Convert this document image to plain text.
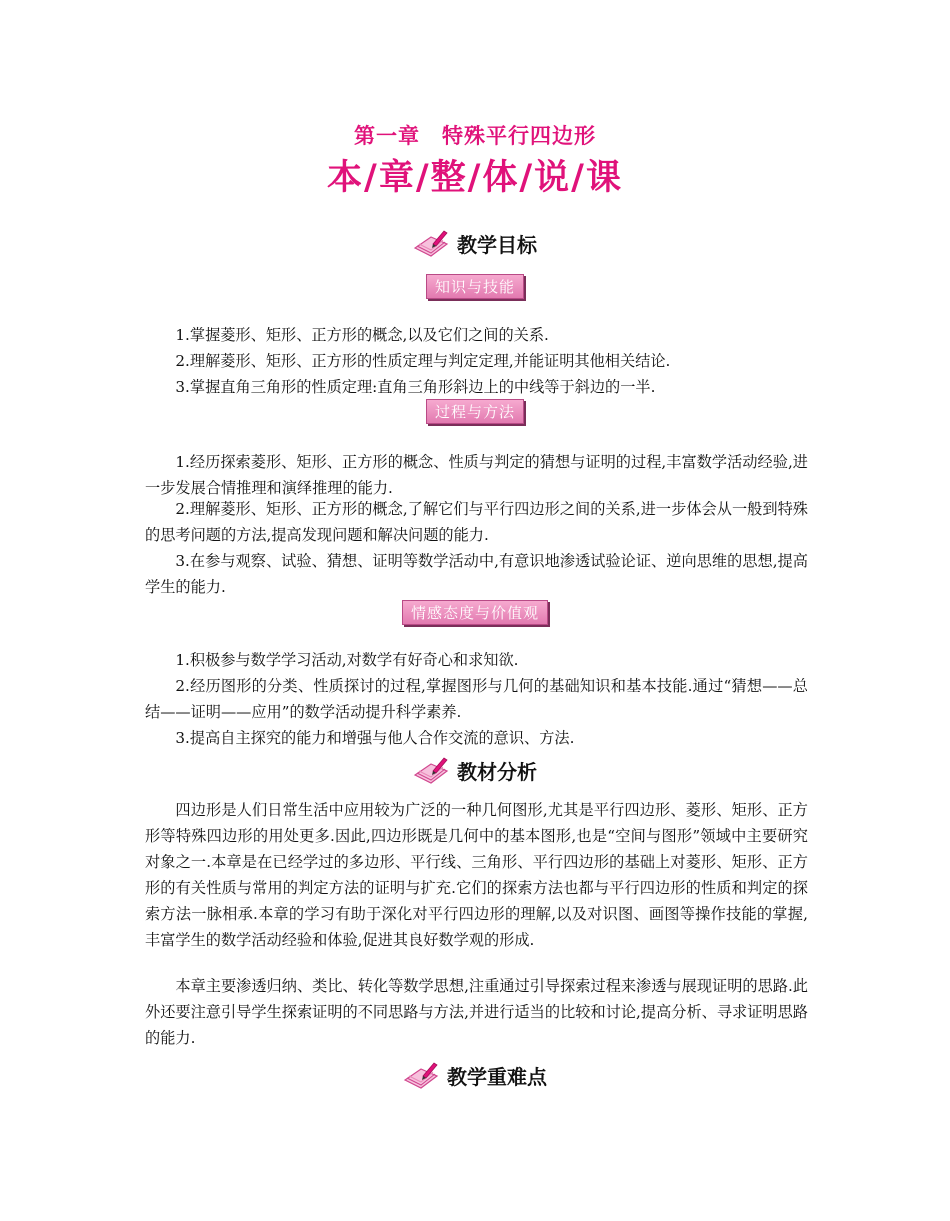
第一章 特殊平行四边形
本/章/整/体/说/课
教学目标
知识与技能
1.掌握菱形、矩形、正方形的概念,以及它们之间的关系.
2.理解菱形、矩形、正方形的性质定理与判定定理,并能证明其他相关结论.
3.掌握直角三角形的性质定理:直角三角形斜边上的中线等于斜边的一半.
过程与方法
1.经历探索菱形、矩形、正方形的概念、性质与判定的猜想与证明的过程,丰富数学活动经验,进一步发展合情推理和演绎推理的能力.
2.理解菱形、矩形、正方形的概念,了解它们与平行四边形之间的关系,进一步体会从一般到特殊的思考问题的方法,提高发现问题和解决问题的能力.
3.在参与观察、试验、猜想、证明等数学活动中,有意识地渗透试验论证、逆向思维的思想,提高学生的能力.
情感态度与价值观
1.积极参与数学学习活动,对数学有好奇心和求知欲.
2.经历图形的分类、性质探讨的过程,掌握图形与几何的基础知识和基本技能.通过“猜想——总结——证明——应用”的数学活动提升科学素养.
3.提高自主探究的能力和增强与他人合作交流的意识、方法.
教材分析
四边形是人们日常生活中应用较为广泛的一种几何图形,尤其是平行四边形、菱形、矩形、正方形等特殊四边形的用处更多.因此,四边形既是几何中的基本图形,也是“空间与图形”领域中主要研究对象之一.本章是在已经学过的多边形、平行线、三角形、平行四边形的基础上对菱形、矩形、正方形的有关性质与常用的判定方法的证明与扩充.它们的探索方法也都与平行四边形的性质和判定的探索方法一脉相承.本章的学习有助于深化对平行四边形的理解,以及对识图、画图等操作技能的掌握,丰富学生的数学活动经验和体验,促进其良好数学观的形成.
本章主要渗透归纳、类比、转化等数学思想,注重通过引导探索过程来渗透与展现证明的思路.此外还要注意引导学生探索证明的不同思路与方法,并进行适当的比较和讨论,提高分析、寻求证明思路的能力.
教学重难点
